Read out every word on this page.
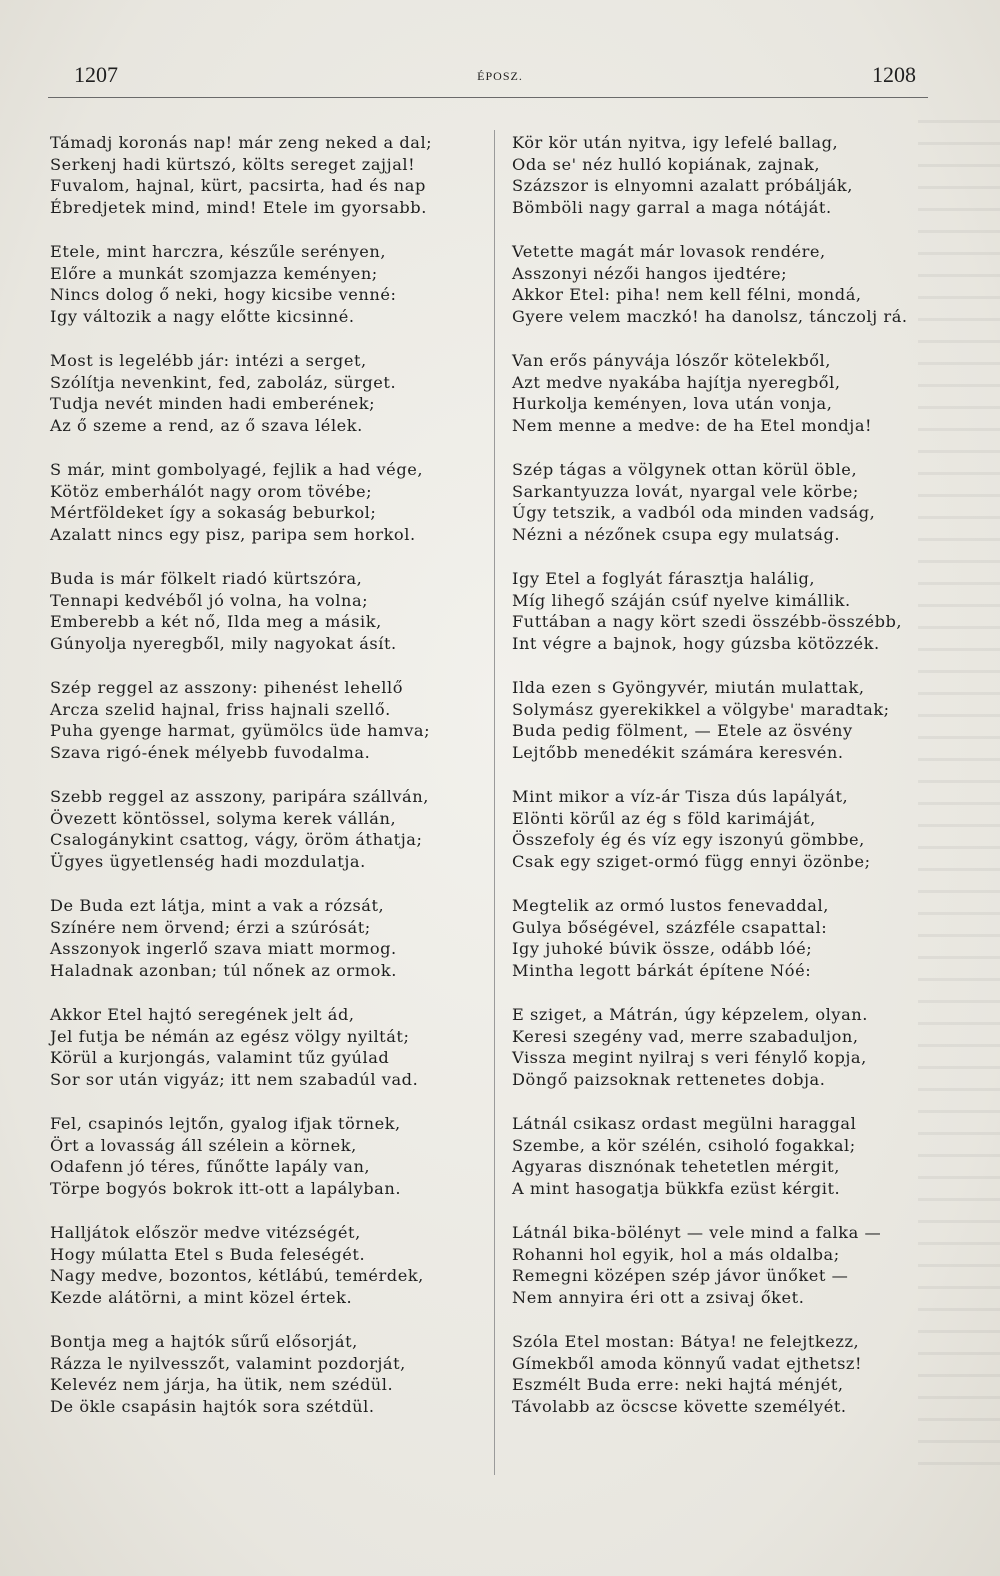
1207	ÉPOSZ.	1208
Támadj koronás nap! már zeng neked a dal;
Serkenj hadi kürtszó, költs sereget zajjal!
Fuvalom, hajnal, kürt, pacsirta, had és nap
Ébredjetek mind, mind! Etele im gyorsabb.
Etele, mint harczra, készűle serényen,
Előre a munkát szomjazza keményen;
Nincs dolog ő neki, hogy kicsibe venné:
Igy változik a nagy előtte kicsinné.
Most is legelébb jár: intézi a serget,
Szólítja nevenkint, fed, zaboláz, sürget.
Tudja nevét minden hadi emberének;
Az ő szeme a rend, az ő szava lélek.
S már, mint gombolyagé, fejlik a had vége,
Kötöz emberhálót nagy orom tövébe;
Mértföldeket így a sokaság beburkol;
Azalatt nincs egy pisz, paripa sem horkol.
Buda is már fölkelt riadó kürtszóra,
Tennapi kedvéből jó volna, ha volna;
Emberebb a két nő, Ilda meg a másik,
Gúnyolja nyeregből, mily nagyokat ásít.
Szép reggel az asszony: pihenést lehellő
Arcza szelid hajnal, friss hajnali szellő.
Puha gyenge harmat, gyümölcs üde hamva;
Szava rigó-ének mélyebb fuvodalma.
Szebb reggel az asszony, paripára szállván,
Övezett köntössel, solyma kerek vállán,
Csalogánykint csattog, vágy, öröm áthatja;
Ügyes ügyetlenség hadi mozdulatja.
De Buda ezt látja, mint a vak a rózsát,
Színére nem örvend; érzi a szúrósát;
Asszonyok ingerlő szava miatt mormog.
Haladnak azonban; túl nőnek az ormok.
Akkor Etel hajtó seregének jelt ád,
Jel futja be némán az egész völgy nyiltát;
Körül a kurjongás, valamint tűz gyúlad
Sor sor után vigyáz; itt nem szabadúl vad.
Fel, csapinós lejtőn, gyalog ifjak törnek,
Ört a lovasság áll szélein a körnek,
Odafenn jó téres, fűnőtte lapály van,
Törpe bogyós bokrok itt-ott a lapályban.
Halljátok először medve vitézségét,
Hogy múlatta Etel s Buda feleségét.
Nagy medve, bozontos, kétlábú, temérdek,
Kezde alátörni, a mint közel értek.
Bontja meg a hajtók sűrű elősorját,
Rázza le nyilvesszőt, valamint pozdorját,
Kelevéz nem járja, ha ütik, nem szédül.
De ökle csapásin hajtók sora szétdül.
Kör kör után nyitva, igy lefelé ballag,
Oda se' néz hulló kopiának, zajnak,
Százszor is elnyomni azalatt próbálják,
Bömböli nagy garral a maga nótáját.
Vetette magát már lovasok rendére,
Asszonyi nézői hangos ijedtére;
Akkor Etel: piha! nem kell félni, mondá,
Gyere velem maczkó! ha danolsz, tánczolj rá.
Van erős pányvája lószőr kötelekből,
Azt medve nyakába hajítja nyeregből,
Hurkolja keményen, lova után vonja,
Nem menne a medve: de ha Etel mondja!
Szép tágas a völgynek ottan körül öble,
Sarkantyuzza lovát, nyargal vele körbe;
Úgy tetszik, a vadból oda minden vadság,
Nézni a nézőnek csupa egy mulatság.
Igy Etel a foglyát fárasztja halálig,
Míg lihegő száján csúf nyelve kimállik.
Futtában a nagy kört szedi összébb-összébb,
Int végre a bajnok, hogy gúzsba kötözzék.
Ilda ezen s Gyöngyvér, miután mulattak,
Solymász gyerekikkel a völgybe' maradtak;
Buda pedig fölment, — Etele az ösvény
Lejtőbb menedékit számára keresvén.
Mint mikor a víz-ár Tisza dús lapályát,
Elönti körűl az ég s föld karimáját,
Összefoly ég és víz egy iszonyú gömbbe,
Csak egy sziget-ormó függ ennyi özönbe;
Megtelik az ormó lustos fenevaddal,
Gulya bőségével, százféle csapattal:
Igy juhoké búvik össze, odább lóé;
Mintha legott bárkát építene Nóé:
E sziget, a Mátrán, úgy képzelem, olyan.
Keresi szegény vad, merre szabaduljon,
Vissza megint nyilraj s veri fénylő kopja,
Döngő paizsoknak rettenetes dobja.
Látnál csikasz ordast megülni haraggal
Szembe, a kör szélén, csiholó fogakkal;
Agyaras disznónak tehetetlen mérgit,
A mint hasogatja bükkfa ezüst kérgit.
Látnál bika-bölényt — vele mind a falka —
Rohanni hol egyik, hol a más oldalba;
Remegni középen szép jávor ünőket —
Nem annyira éri ott a zsivaj őket.
Szóla Etel mostan: Bátya! ne felejtkezz,
Gímekből amoda könnyű vadat ejthetsz!
Eszmélt Buda erre: neki hajtá ménjét,
Távolabb az öcscse követte személyét.
